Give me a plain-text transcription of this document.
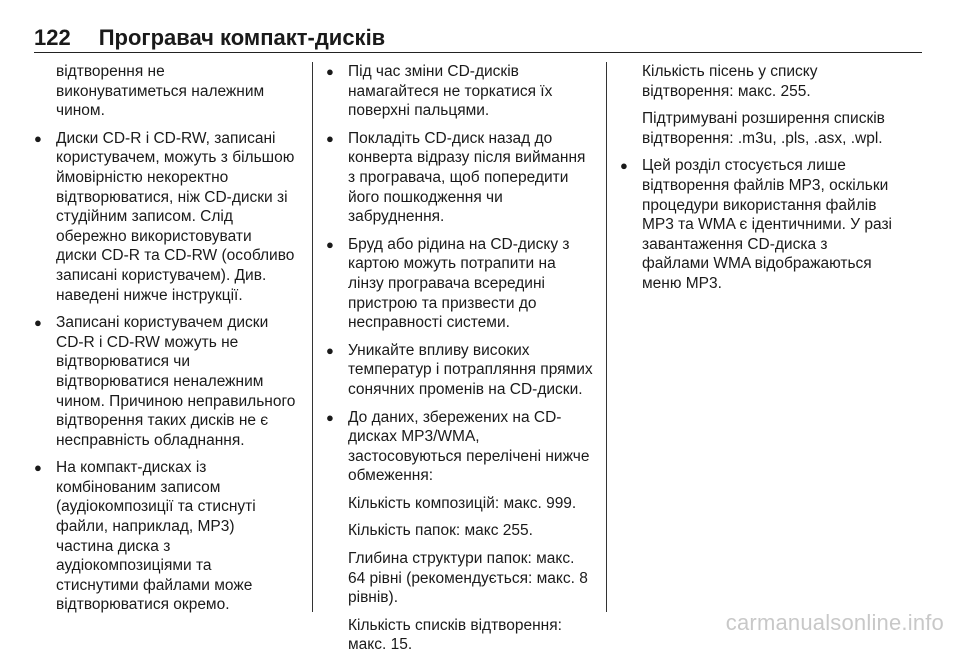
122 Програвач компакт-дисків

відтворення не виконуватиметься належним чином.

● Диски CD-R і CD-RW, записані користувачем, можуть з більшою ймовірністю некоректно відтворюватися, ніж CD-диски зі студійним записом. Слід обережно використовувати диски CD-R та CD-RW (особливо записані користувачем). Див. наведені нижче інструкції.
● Записані користувачем диски CD-R і CD-RW можуть не відтворюватися чи відтворюватися неналежним чином. Причиною неправильного відтворення таких дисків не є несправність обладнання.
● На компакт-дисках із комбінованим записом (аудіокомпозиції та стиснуті файли, наприклад, MP3) частина диска з аудіокомпозиціями та стиснутими файлами може відтворюватися окремо.
● Під час зміни CD-дисків намагайтеся не торкатися їх поверхні пальцями.
● Покладіть CD-диск назад до конверта відразу після виймання з програвача, щоб попередити його пошкодження чи забруднення.
● Бруд або рідина на CD-диску з картою можуть потрапити на лінзу програвача всередині пристрою та призвести до несправності системи.
● Уникайте впливу високих температур і потрапляння прямих сонячних променів на CD-диски.
● До даних, збережених на CD-дисках MP3/WMA, застосовуються перелічені нижче обмеження:

Кількість композицій: макс. 999.

Кількість папок: макс 255.

Глибина структури папок: макс. 64 рівні (рекомендується: макс. 8 рівнів).

Кількість списків відтворення: макс. 15.

Кількість пісень у списку відтворення: макс. 255.

Підтримувані розширення списків відтворення: .m3u, .pls, .asx, .wpl.

● Цей розділ стосується лише відтворення файлів MP3, оскільки процедури використання файлів MP3 та WMA є ідентичними. У разі завантаження CD-диска з файлами WMA відображаються меню MP3.
carmanualsonline.info
